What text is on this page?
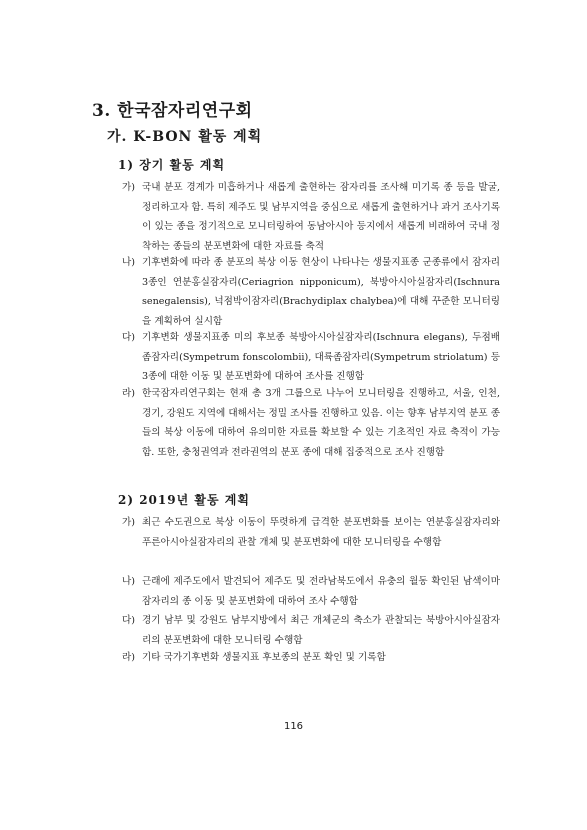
3. 한국잠자리연구회
가. K-BON 활동 계획
1) 장기 활동 계획
가) 국내 분포 경계가 미흡하거나 새롭게 출현하는 잠자리를 조사해 미기록 종 등을 발굴, 정리하고자 함. 특히 제주도 및 남부지역을 중심으로 새롭게 출현하거나 과거 조사기록이 있는 종을 정기적으로 모니터링하여 동남아시아 등지에서 새롭게 비래하여 국내 정착하는 종들의 분포변화에 대한 자료를 축적
나) 기후변화에 따라 종 분포의 북상 이동 현상이 나타나는 생물지표종 군종류에서 잠자리 3종인 연분홍실잠자리(Ceriagrion nipponicum), 북방아시아실잠자리(Ischnura senegalensis), 넉점박이잠자리(Brachydiplax chalybea)에 대해 꾸준한 모니터링을 계획하여 실시함
다) 기후변화 생물지표종 미의 후보종 북방아시아실잠자리(Ischnura elegans), 두점배좀잠자리(Sympetrum fonscolombii), 대륙좀잠자리(Sympetrum striolatum) 등 3종에 대한 이동 및 분포변화에 대하여 조사를 진행함
라) 한국잠자리연구회는 현재 총 3개 그룹으로 나누어 모니터링을 진행하고, 서울, 인천, 경기, 강원도 지역에 대해서는 정밀 조사를 진행하고 있음. 이는 향후 남부지역 분포 종들의 북상 이동에 대하여 유의미한 자료를 확보할 수 있는 기초적인 자료 축적이 가능함. 또한, 충청권역과 전라권역의 분포 종에 대해 집중적으로 조사 진행함
2) 2019년 활동 계획
가) 최근 수도권으로 북상 이동이 뚜렷하게 급격한 분포변화를 보이는 연분홍실잠자리와 푸른아시아실잠자리의 관찰 개체 및 분포변화에 대한 모니터링을 수행함
나) 근래에 제주도에서 발견되어 제주도 및 전라남북도에서 유충의 월동 확인된 남색이마잠자리의 종 이동 및 분포변화에 대하여 조사 수행함
다) 경기 남부 및 강원도 남부지방에서 최근 개체군의 축소가 관찰되는 북방아시아실잠자리의 분포변화에 대한 모니터링 수행함
라) 기타 국가기후변화 생물지표 후보종의 분포 확인 및 기록함
116
